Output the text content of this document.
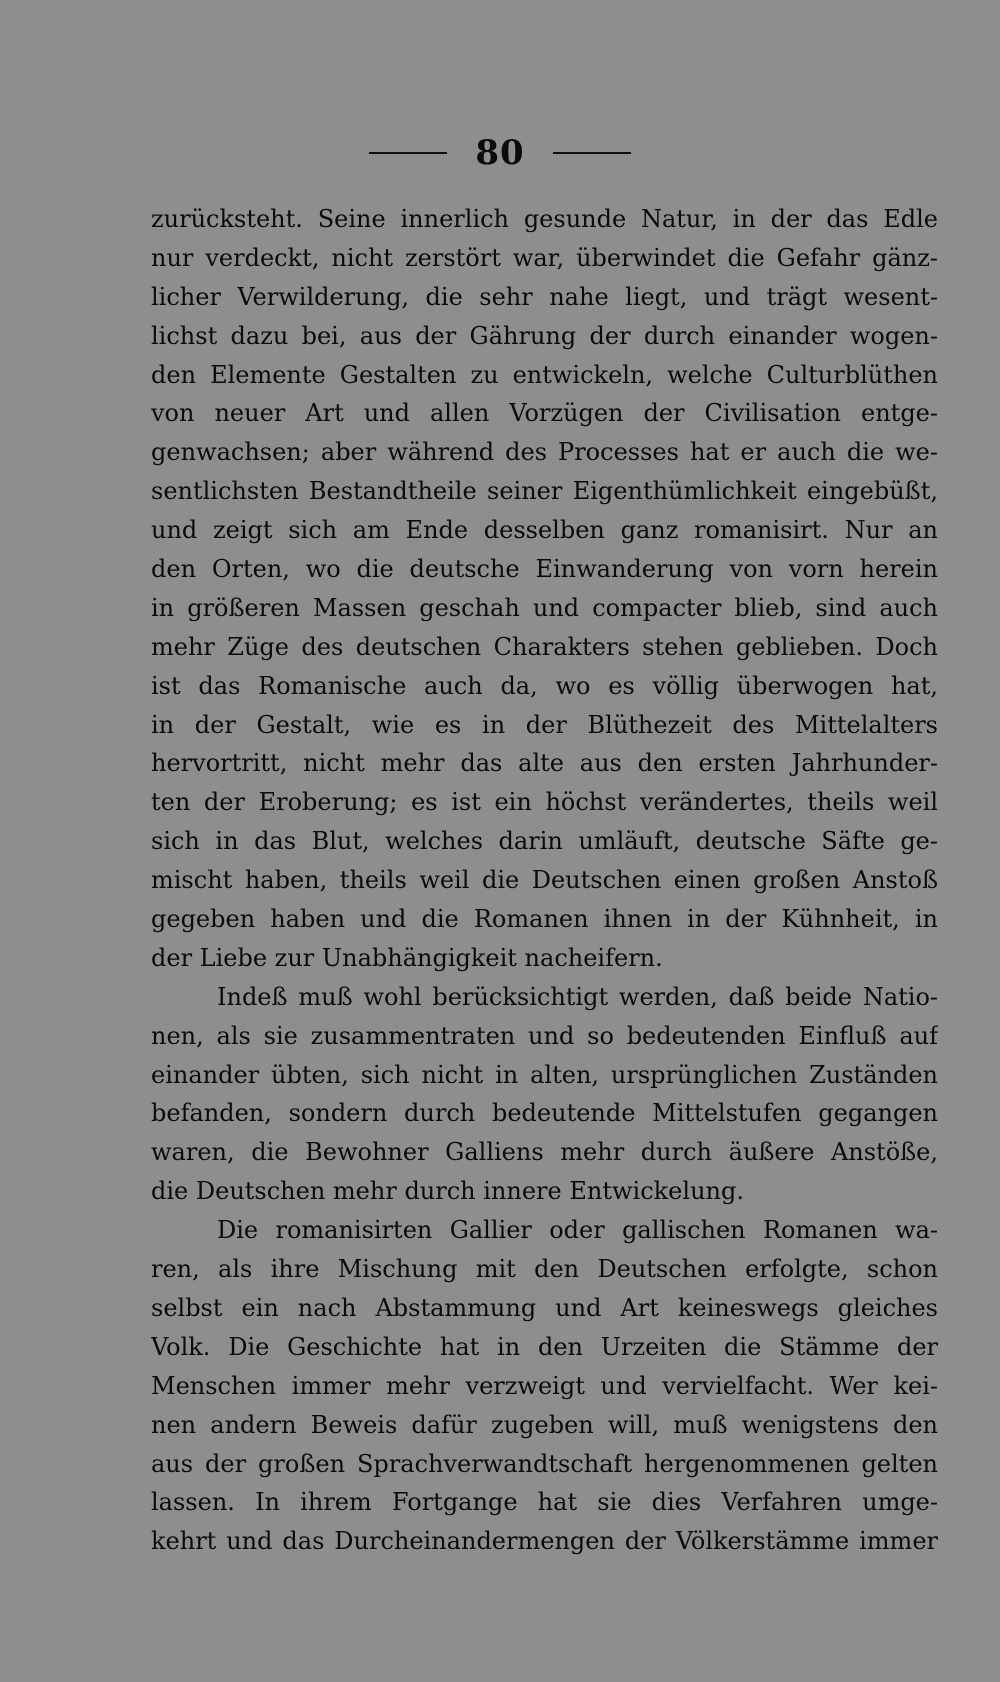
80
zurücksteht. Seine innerlich gesunde Natur, in der das Edle
nur verdeckt, nicht zerstört war, überwindet die Gefahr gänz-
licher Verwilderung, die sehr nahe liegt, und trägt wesent-
lichst dazu bei, aus der Gährung der durch einander wogen-
den Elemente Gestalten zu entwickeln, welche Culturblüthen
von neuer Art und allen Vorzügen der Civilisation entge-
genwachsen; aber während des Processes hat er auch die we-
sentlichsten Bestandtheile seiner Eigenthümlichkeit eingebüßt,
und zeigt sich am Ende desselben ganz romanisirt. Nur an
den Orten, wo die deutsche Einwanderung von vorn herein
in größeren Massen geschah und compacter blieb, sind auch
mehr Züge des deutschen Charakters stehen geblieben. Doch
ist das Romanische auch da, wo es völlig überwogen hat,
in der Gestalt, wie es in der Blüthezeit des Mittelalters
hervortritt, nicht mehr das alte aus den ersten Jahrhunder-
ten der Eroberung; es ist ein höchst verändertes, theils weil
sich in das Blut, welches darin umläuft, deutsche Säfte ge-
mischt haben, theils weil die Deutschen einen großen Anstoß
gegeben haben und die Romanen ihnen in der Kühnheit, in
der Liebe zur Unabhängigkeit nacheifern.
Indeß muß wohl berücksichtigt werden, daß beide Natio-
nen, als sie zusammentraten und so bedeutenden Einfluß auf
einander übten, sich nicht in alten, ursprünglichen Zuständen
befanden, sondern durch bedeutende Mittelstufen gegangen
waren, die Bewohner Galliens mehr durch äußere Anstöße,
die Deutschen mehr durch innere Entwickelung.
Die romanisirten Gallier oder gallischen Romanen wa-
ren, als ihre Mischung mit den Deutschen erfolgte, schon
selbst ein nach Abstammung und Art keineswegs gleiches
Volk. Die Geschichte hat in den Urzeiten die Stämme der
Menschen immer mehr verzweigt und vervielfacht. Wer kei-
nen andern Beweis dafür zugeben will, muß wenigstens den
aus der großen Sprachverwandtschaft hergenommenen gelten
lassen. In ihrem Fortgange hat sie dies Verfahren umge-
kehrt und das Durcheinandermengen der Völkerstämme immer
